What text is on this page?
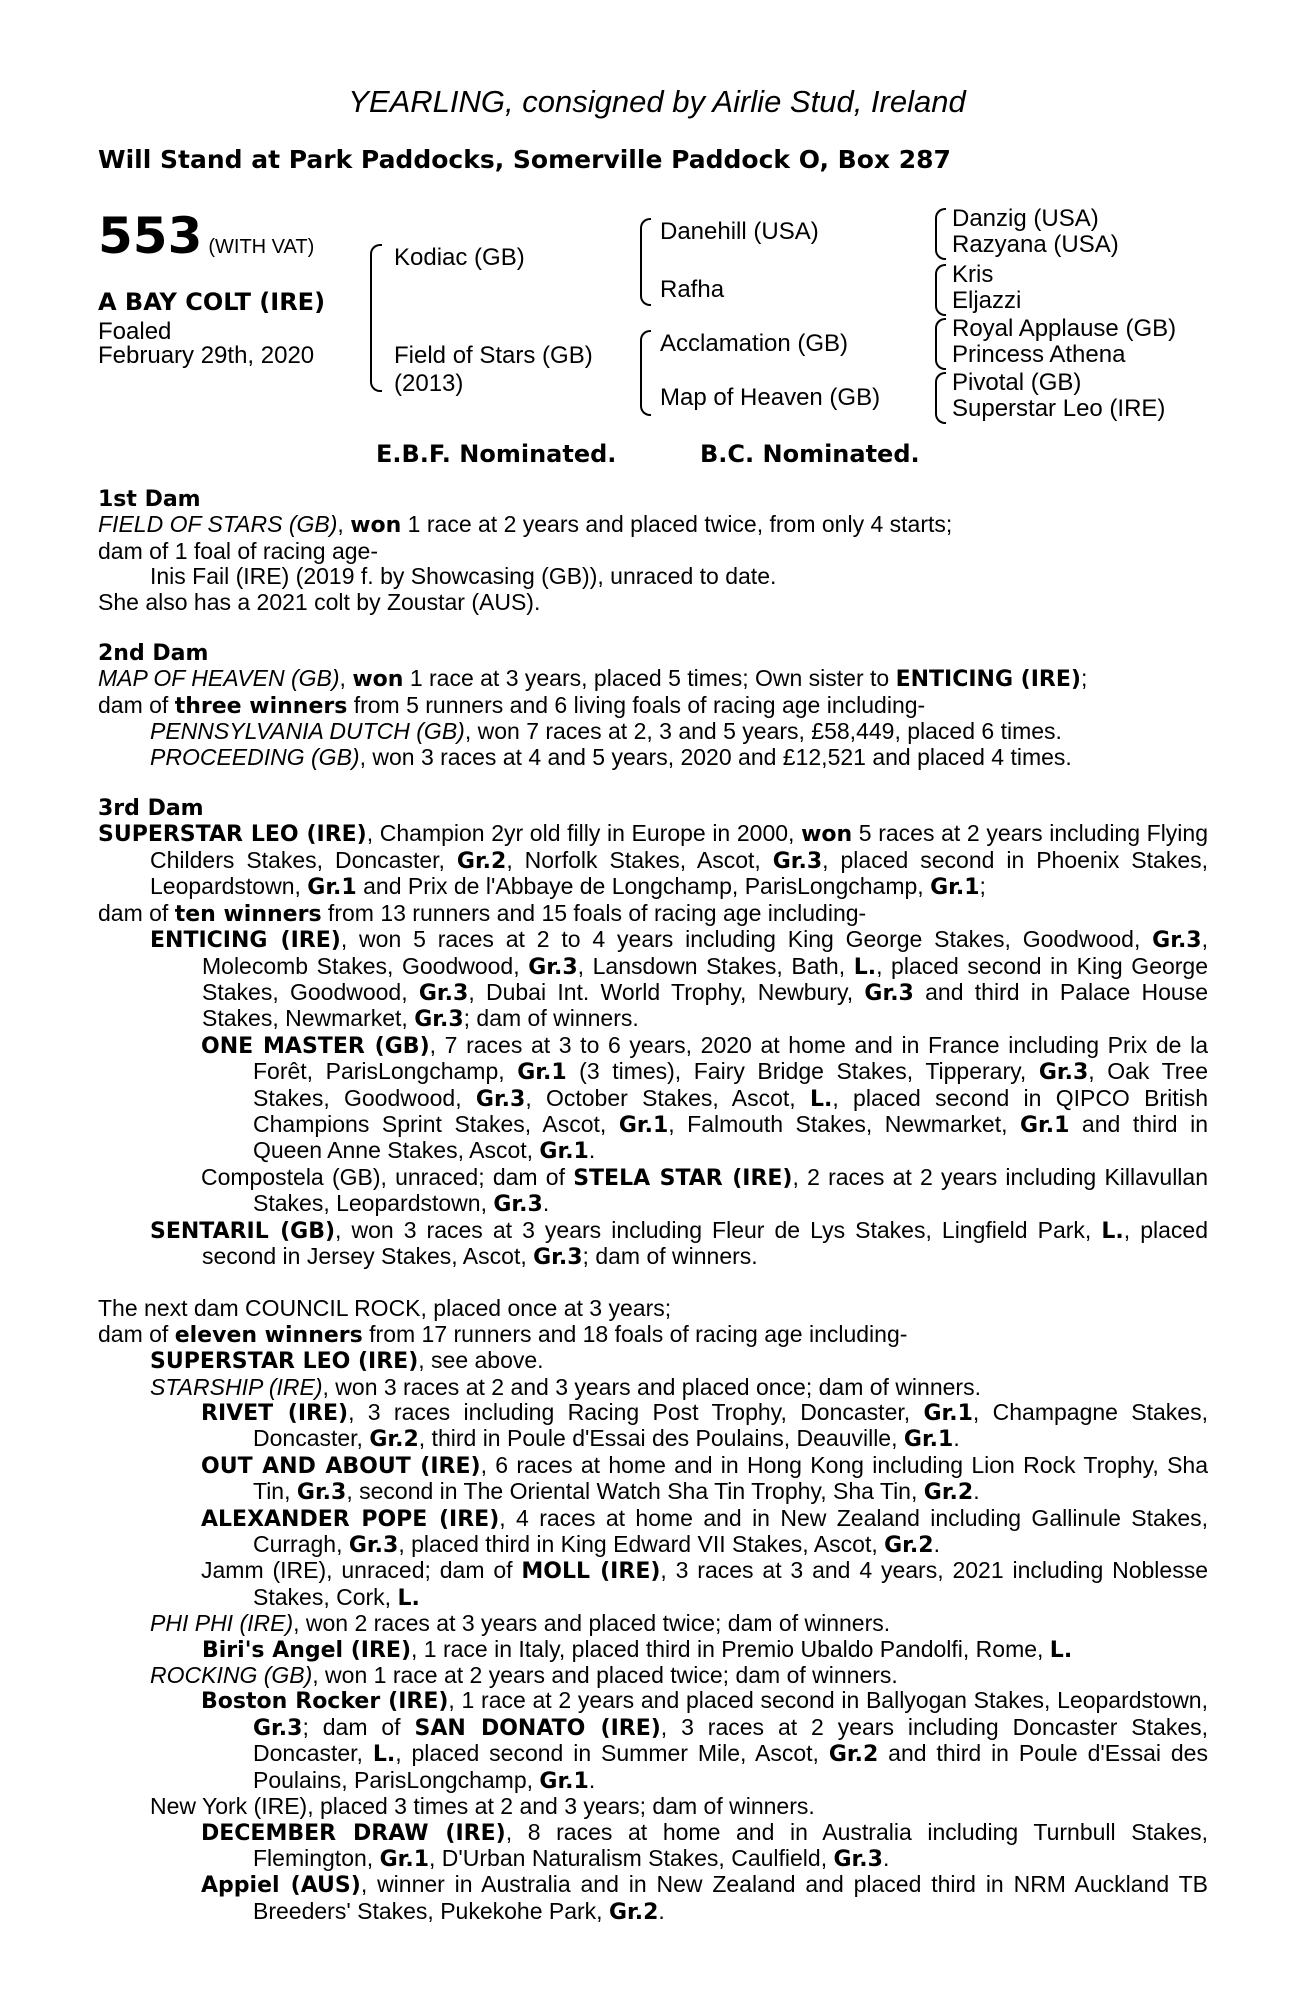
YEARLING, consigned by Airlie Stud, Ireland
Will Stand at Park Paddocks, Somerville Paddock O, Box 287
553 (WITH VAT)
A BAY COLT (IRE)
Foaled
February 29th, 2020
Kodiac (GB)
Field of Stars (GB)
(2013)
Danehill (USA)
Rafha
Acclamation (GB)
Map of Heaven (GB)
Danzig (USA)
Razyana (USA)
Kris
Eljazzi
Royal Applause (GB)
Princess Athena
Pivotal (GB)
Superstar Leo (IRE)
E.B.F. Nominated.	B.C. Nominated.

1st Dam

FIELD OF STARS (GB), won 1 race at 2 years and placed twice, from only 4 starts;

dam of 1 foal of racing age-

Inis Fail (IRE) (2019 f. by Showcasing (GB)), unraced to date.

She also has a 2021 colt by Zoustar (AUS).

2nd Dam

MAP OF HEAVEN (GB), won 1 race at 3 years, placed 5 times; Own sister to ENTICING (IRE);

dam of three winners from 5 runners and 6 living foals of racing age including-

PENNSYLVANIA DUTCH (GB), won 7 races at 2, 3 and 5 years, £58,449, placed 6 times.

PROCEEDING (GB), won 3 races at 4 and 5 years, 2020 and £12,521 and placed 4 times.

3rd Dam

SUPERSTAR LEO (IRE), Champion 2yr old filly in Europe in 2000, won 5 races at 2 years including Flying Childers Stakes, Doncaster, Gr.2, Norfolk Stakes, Ascot, Gr.3, placed second in Phoenix Stakes, Leopardstown, Gr.1 and Prix de l'Abbaye de Longchamp, ParisLongchamp, Gr.1;

dam of ten winners from 13 runners and 15 foals of racing age including-

ENTICING (IRE), won 5 races at 2 to 4 years including King George Stakes, Goodwood, Gr.3, Molecomb Stakes, Goodwood, Gr.3, Lansdown Stakes, Bath, L., placed second in King George Stakes, Goodwood, Gr.3, Dubai Int. World Trophy, Newbury, Gr.3 and third in Palace House Stakes, Newmarket, Gr.3; dam of winners.

ONE MASTER (GB), 7 races at 3 to 6 years, 2020 at home and in France including Prix de la Forêt, ParisLongchamp, Gr.1 (3 times), Fairy Bridge Stakes, Tipperary, Gr.3, Oak Tree Stakes, Goodwood, Gr.3, October Stakes, Ascot, L., placed second in QIPCO British Champions Sprint Stakes, Ascot, Gr.1, Falmouth Stakes, Newmarket, Gr.1 and third in Queen Anne Stakes, Ascot, Gr.1.

Compostela (GB), unraced; dam of STELA STAR (IRE), 2 races at 2 years including Killavullan Stakes, Leopardstown, Gr.3.

SENTARIL (GB), won 3 races at 3 years including Fleur de Lys Stakes, Lingfield Park, L., placed second in Jersey Stakes, Ascot, Gr.3; dam of winners.

The next dam COUNCIL ROCK, placed once at 3 years;

dam of eleven winners from 17 runners and 18 foals of racing age including-

SUPERSTAR LEO (IRE), see above.

STARSHIP (IRE), won 3 races at 2 and 3 years and placed once; dam of winners.

RIVET (IRE), 3 races including Racing Post Trophy, Doncaster, Gr.1, Champagne Stakes, Doncaster, Gr.2, third in Poule d'Essai des Poulains, Deauville, Gr.1.

OUT AND ABOUT (IRE), 6 races at home and in Hong Kong including Lion Rock Trophy, Sha Tin, Gr.3, second in The Oriental Watch Sha Tin Trophy, Sha Tin, Gr.2.

ALEXANDER POPE (IRE), 4 races at home and in New Zealand including Gallinule Stakes, Curragh, Gr.3, placed third in King Edward VII Stakes, Ascot, Gr.2.

Jamm (IRE), unraced; dam of MOLL (IRE), 3 races at 3 and 4 years, 2021 including Noblesse Stakes, Cork, L.

PHI PHI (IRE), won 2 races at 3 years and placed twice; dam of winners.

Biri's Angel (IRE), 1 race in Italy, placed third in Premio Ubaldo Pandolfi, Rome, L.

ROCKING (GB), won 1 race at 2 years and placed twice; dam of winners.

Boston Rocker (IRE), 1 race at 2 years and placed second in Ballyogan Stakes, Leopardstown, Gr.3; dam of SAN DONATO (IRE), 3 races at 2 years including Doncaster Stakes, Doncaster, L., placed second in Summer Mile, Ascot, Gr.2 and third in Poule d'Essai des Poulains, ParisLongchamp, Gr.1.

New York (IRE), placed 3 times at 2 and 3 years; dam of winners.

DECEMBER DRAW (IRE), 8 races at home and in Australia including Turnbull Stakes, Flemington, Gr.1, D'Urban Naturalism Stakes, Caulfield, Gr.3.

Appiel (AUS), winner in Australia and in New Zealand and placed third in NRM Auckland TB Breeders' Stakes, Pukekohe Park, Gr.2.
